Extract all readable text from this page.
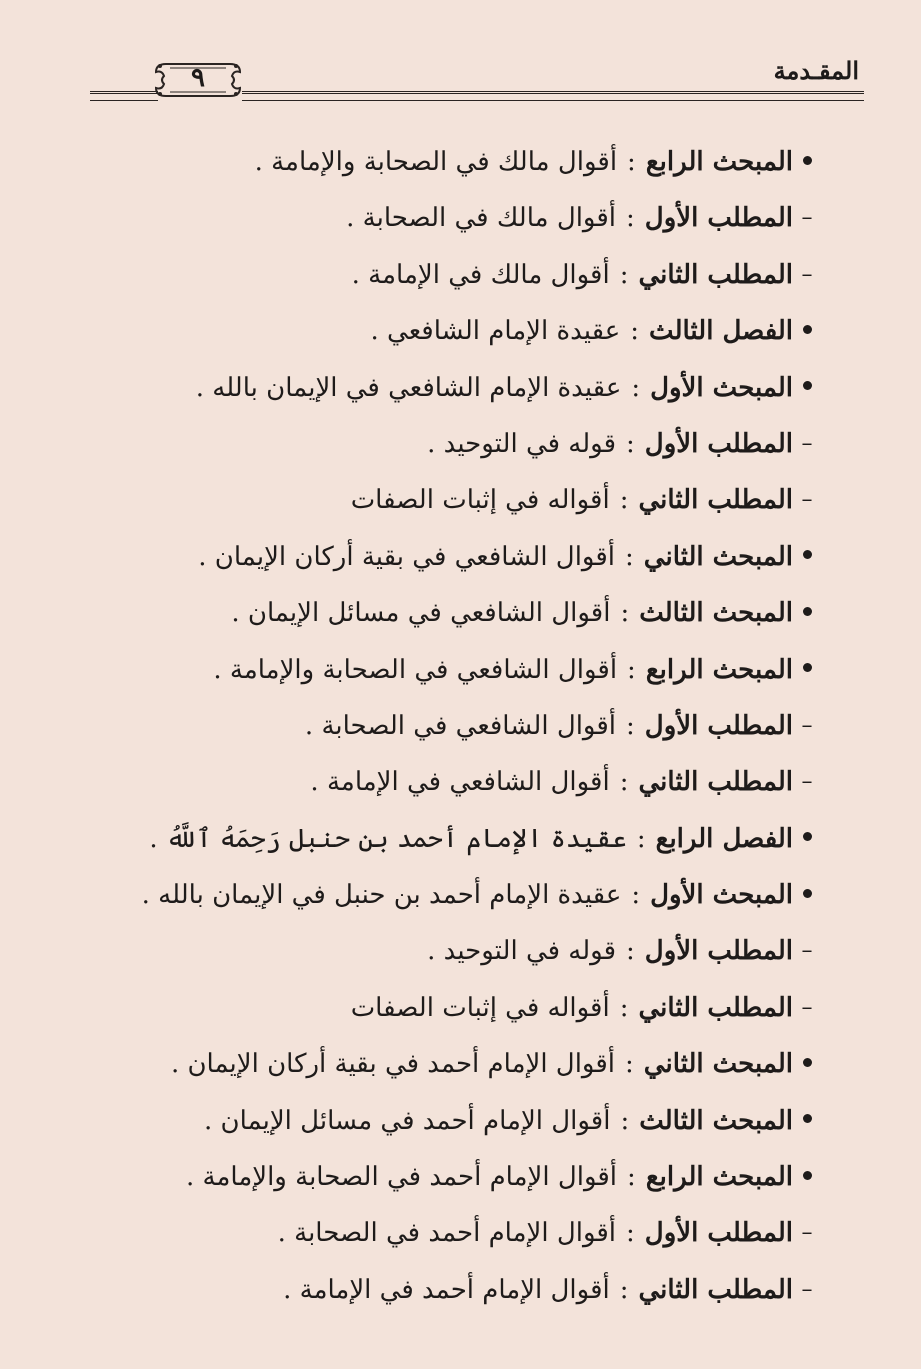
المقـدمة
٩
المبحث الرابع
:
أقوال مالك في الصحابة والإمامة .
–
المطلب الأول
:
أقوال مالك في الصحابة .
–
المطلب الثاني
:
أقوال مالك في الإمامة .
الفصل الثالث
:
عقيدة الإمام الشافعي .
المبحث الأول
:
عقيدة الإمام الشافعي في الإيمان بالله .
–
المطلب الأول
:
قوله في التوحيد .
–
المطلب الثاني
:
أقواله في إثبات الصفات
المبحث الثاني
:
أقوال الشافعي في بقية أركان الإيمان .
المبحث الثالث
:
أقوال الشافعي في مسائل الإيمان .
المبحث الرابع
:
أقوال الشافعي في الصحابة والإمامة .
–
المطلب الأول
:
أقوال الشافعي في الصحابة .
–
المطلب الثاني
:
أقوال الشافعي في الإمامة .
الفصل الرابع
:
عقيدة الإمام أحمد بن حنبل رَحِمَهُ ٱللَّهُ .
المبحث الأول
:
عقيدة الإمام أحمد بن حنبل في الإيمان بالله .
–
المطلب الأول
:
قوله في التوحيد .
–
المطلب الثاني
:
أقواله في إثبات الصفات
المبحث الثاني
:
أقوال الإمام أحمد في بقية أركان الإيمان .
المبحث الثالث
:
أقوال الإمام أحمد في مسائل الإيمان .
المبحث الرابع
:
أقوال الإمام أحمد في الصحابة والإمامة .
–
المطلب الأول
:
أقوال الإمام أحمد في الصحابة .
–
المطلب الثاني
:
أقوال الإمام أحمد في الإمامة .
